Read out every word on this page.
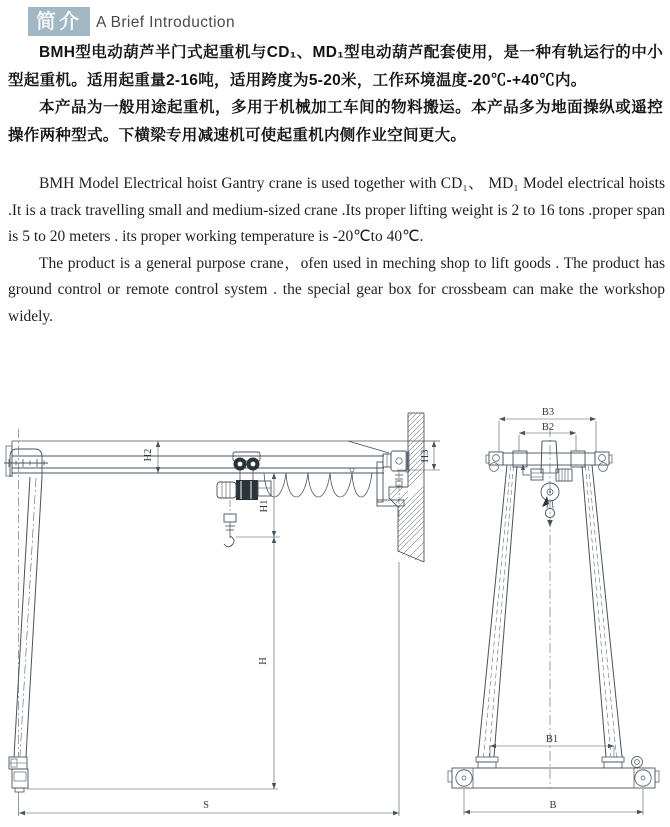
简介 A Brief Introduction

BMH型电动葫芦半门式起重机与CD₁、MD₁型电动葫芦配套使用，是一种有轨运行的中小型起重机。适用起重量2-16吨，适用跨度为5-20米，工作环境温度-20℃-+40℃内。

本产品为一般用途起重机，多用于机械加工车间的物料搬运。本产品多为地面操纵或遥控操作两种型式。下横梁专用减速机可使起重机内侧作业空间更大。

BMH Model Electrical hoist Gantry crane is used together with CD₁、 MD₁ Model electrical hoists .It is a track travelling small and medium-sized crane .Its proper lifting weight is 2 to 16 tons .proper span is 5 to 20 meters . its proper working temperature is -20℃to 40℃.

The product is a general purpose crane，ofen used in meching shop to lift goods . The product has ground control or remote control system . the special gear box for crossbeam can make the workshop widely.

H2	H3
H1
H
S
B3
B2
B1
B
